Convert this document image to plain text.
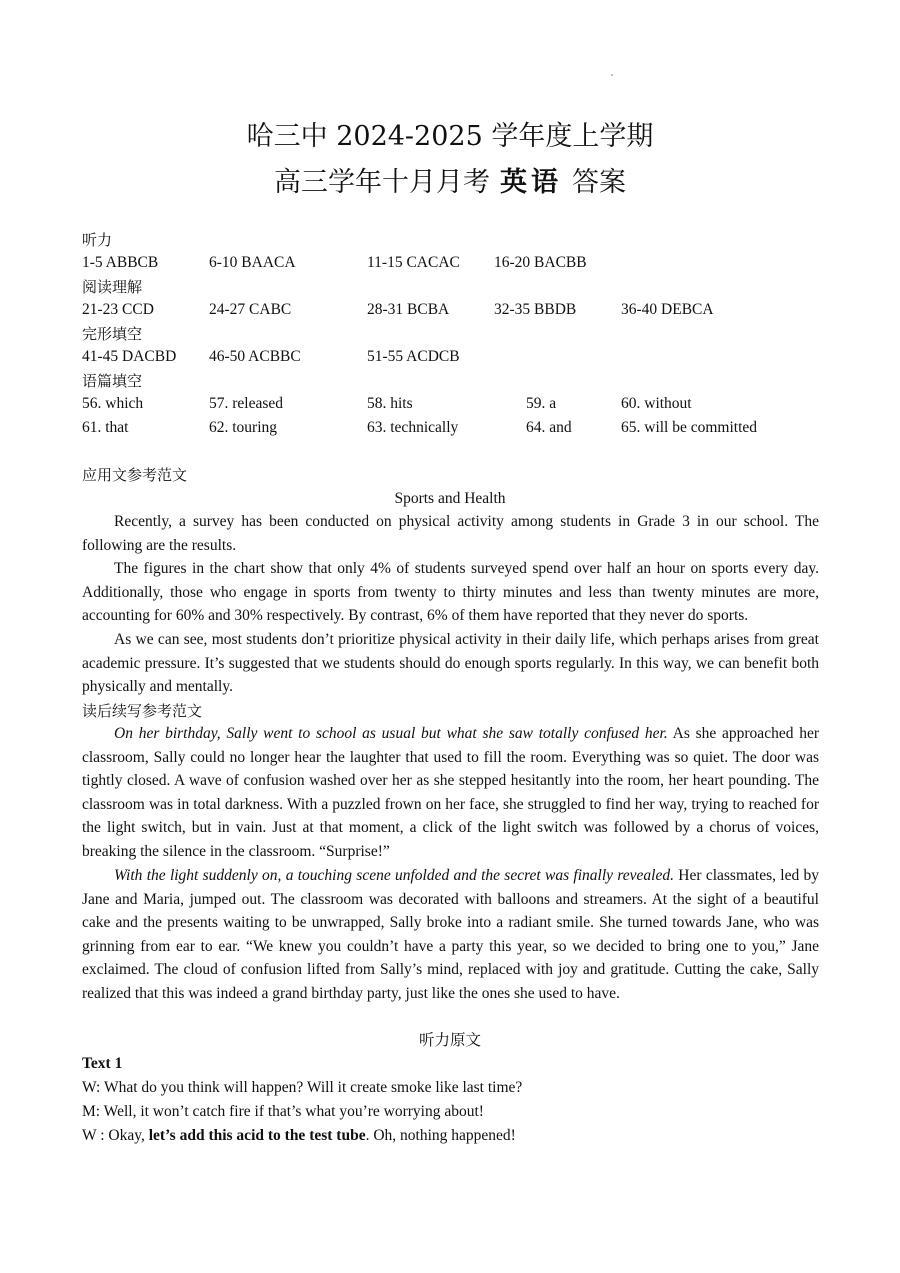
哈三中 2024-2025 学年度上学期
高三学年十月月考 英语 答案
听力
1-5 ABBCB	6-10 BAACA	11-15 CACAC 16-20 BACBB
阅读理解
21-23 CCD	24-27 CABC	28-31 BCBA	32-35 BBDB	36-40 DEBCA
完形填空
41-45 DACBD 46-50 ACBBC	51-55 ACDCB
语篇填空
56. which	57. released	58. hits	59. a	60. without
61. that	62. touring	63. technically	64. and	65. will be committed
应用文参考范文
Sports and Health

Recently, a survey has been conducted on physical activity among students in Grade 3 in our school. The following are the results.

The figures in the chart show that only 4% of students surveyed spend over half an hour on sports every day. Additionally, those who engage in sports from twenty to thirty minutes and less than twenty minutes are more, accounting for 60% and 30% respectively. By contrast, 6% of them have reported that they never do sports.

As we can see, most students don’t prioritize physical activity in their daily life, which perhaps arises from great academic pressure. It’s suggested that we students should do enough sports regularly. In this way, we can benefit both physically and mentally.

读后续写参考范文

On her birthday, Sally went to school as usual but what she saw totally confused her. As she approached her classroom, Sally could no longer hear the laughter that used to fill the room. Everything was so quiet. The door was tightly closed. A wave of confusion washed over her as she stepped hesitantly into the room, her heart pounding. The classroom was in total darkness. With a puzzled frown on her face, she struggled to find her way, trying to reached for the light switch, but in vain. Just at that moment, a click of the light switch was followed by a chorus of voices, breaking the silence in the classroom. “Surprise!”

With the light suddenly on, a touching scene unfolded and the secret was finally revealed. Her classmates, led by Jane and Maria, jumped out. The classroom was decorated with balloons and streamers. At the sight of a beautiful cake and the presents waiting to be unwrapped, Sally broke into a radiant smile. She turned towards Jane, who was grinning from ear to ear. “We knew you couldn’t have a party this year, so we decided to bring one to you,” Jane exclaimed. The cloud of confusion lifted from Sally’s mind, replaced with joy and gratitude. Cutting the cake, Sally realized that this was indeed a grand birthday party, just like the ones she used to have.

听力原文
Text 1
W: What do you think will happen? Will it create smoke like last time?
M: Well, it won’t catch fire if that’s what you’re worrying about!
W : Okay, let’s add this acid to the test tube. Oh, nothing happened!
